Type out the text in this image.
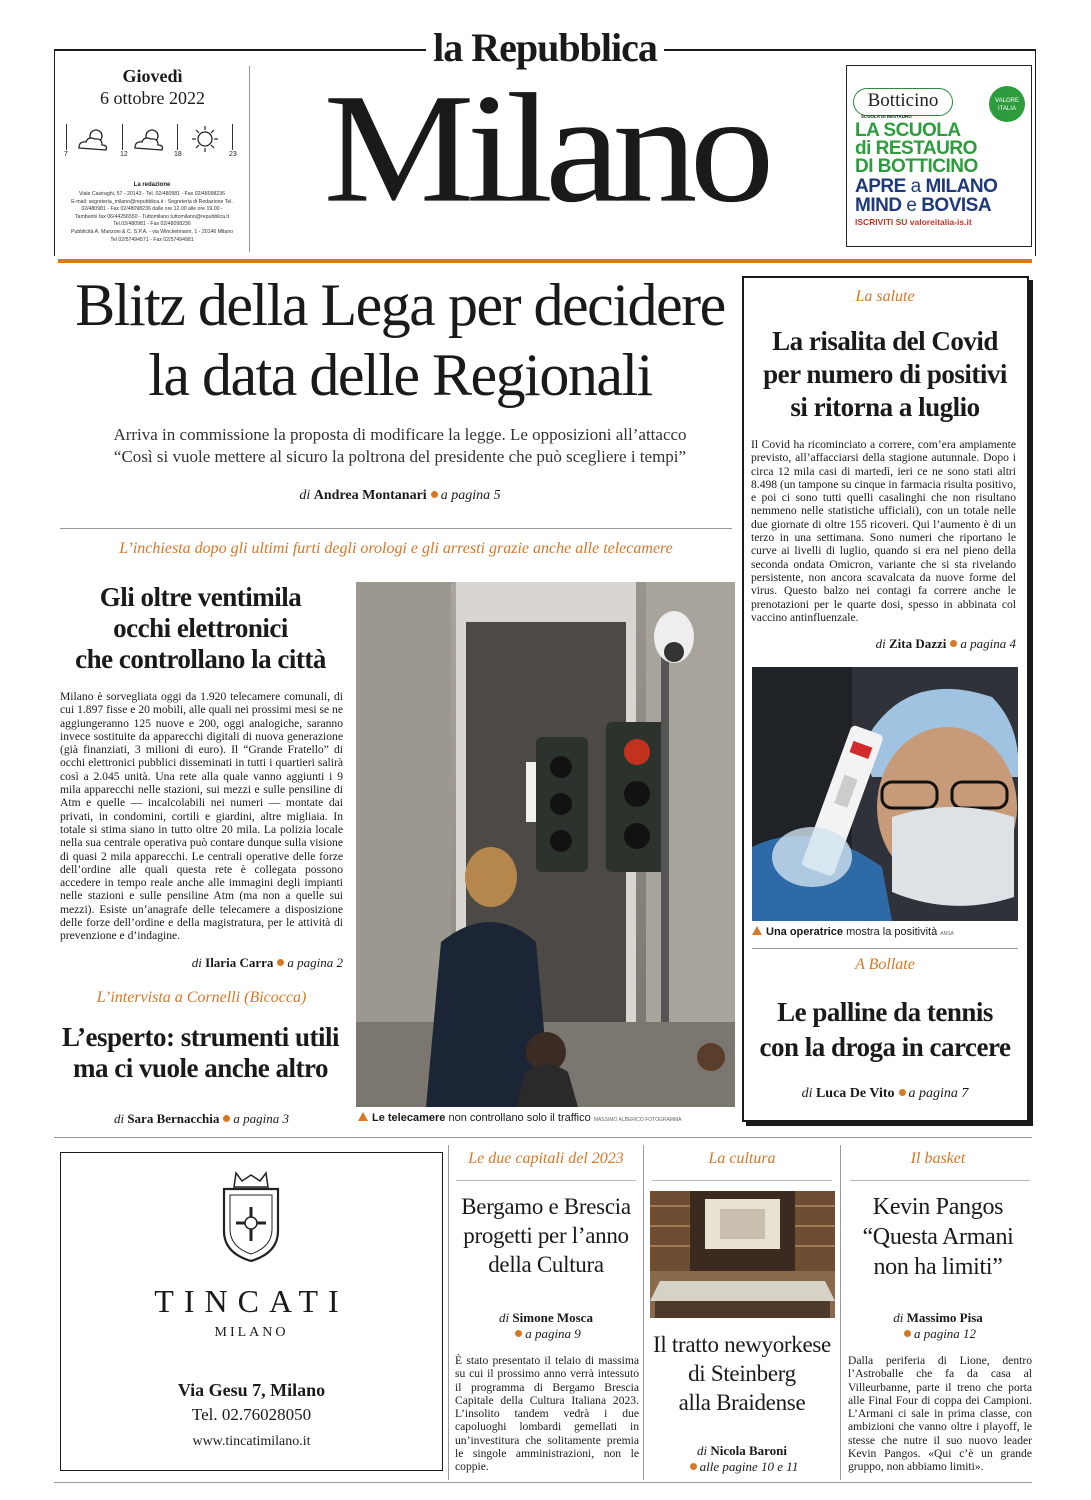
la Repubblica
Giovedì
6 ottobre 2022
7	12	18	23
La redazione
Viale Casiraghi, 57 - 20143 - Tel. 02/480981 - Fax 02/48098236
E-mail: segreteria_milano@repubblica.it - Segreteria di Redazione Tel.
02/480981 - Fax 02/48098236 dalle ore 12.00 alle ore 19.00 -
Tamburini fax 06/44256550 - Tuttomilano tuttomilano@repubblica.it
Tel.02/480981 - Fax 02/48098236
Pubblicità A. Manzoni & C. S.P.A. - via Winckelmann, 1 - 20146 Milano
Tel 02/57494571 - Fax 02/57494981
Milano	Botticino
SCUOLA DI RESTAURO
VALORE ITALIA
LA SCUOLA
di RESTAURO
DI BOTTICINO
APRE a MILANO
MIND e BOVISA
ISCRIVITI SU valoreitalia-is.it
Blitz della Lega per decidere
la data delle Regionali
Arriva in commissione la proposta di modificare la legge. Le opposizioni all’attacco
“Così si vuole mettere al sicuro la poltrona del presidente che può scegliere i tempi”
di Andrea Montanari a pagina 5
L’inchiesta dopo gli ultimi furti degli orologi e gli arresti grazie anche alle telecamere
Gli oltre ventimila
occhi elettronici
che controllano la città
Milano è sorvegliata oggi da 1.920 telecamere comunali, di cui 1.897 fisse e 20 mobili, alle quali nei prossimi mesi se ne aggiungeranno 125 nuove e 200, oggi analogiche, saranno invece sostituite da apparecchi digitali di nuova generazione (già finanziati, 3 milioni di euro). Il “Grande Fratello” di occhi elettronici pubblici disseminati in tutti i quartieri salirà così a 2.045 unità. Una rete alla quale vanno aggiunti i 9 mila apparecchi nelle stazioni, sui mezzi e sulle pensiline di Atm e quelle — incalcolabili nei numeri — montate dai privati, in condomini, cortili e giardini, altre migliaia. In totale si stima siano in tutto oltre 20 mila. La polizia locale nella sua centrale operativa può contare dunque sulla visione di quasi 2 mila apparecchi. Le centrali operative delle forze dell’ordine alle quali questa rete è collegata possono accedere in tempo reale anche alle immagini degli impianti nelle stazioni e sulle pensiline Atm (ma non a quelle sui mezzi). Esiste un’anagrafe delle telecamere a disposizione delle forze dell’ordine e della magistratura, per le attività di prevenzione e d’indagine.
di Ilaria Carra a pagina 2
Le telecamere non controllano solo il traffico MASSIMO ALBERICO FOTOGRAMMA
L’intervista a Cornelli (Bicocca)
L’esperto: strumenti utili
ma ci vuole anche altro
di Sara Bernacchia a pagina 3
La salute
La risalita del Covid
per numero di positivi
si ritorna a luglio
Il Covid ha ricominciato a correre, com’era ampiamente previsto, all’affacciarsi della stagione autunnale. Dopo i circa 12 mila casi di martedì, ieri ce ne sono stati altri 8.498 (un tampone su cinque in farmacia risulta positivo, e poi ci sono tutti quelli casalinghi che non risultano nemmeno nelle statistiche ufficiali), con un totale nelle due giornate di oltre 155 ricoveri. Qui l’aumento è di un terzo in una settimana. Sono numeri che riportano le curve ai livelli di luglio, quando si era nel pieno della seconda ondata Omicron, variante che si sta rivelando persistente, non ancora scavalcata da nuove forme del virus. Questo balzo nei contagi fa correre anche le prenotazioni per le quarte dosi, spesso in abbinata col vaccino antinfluenzale.
di Zita Dazzi a pagina 4
Una operatrice mostra la positività ANSA
A Bollate
Le palline da tennis
con la droga in carcere
di Luca De Vito a pagina 7
TINCATI
MILANO
Via Gesu 7, Milano
Tel. 02.76028050
www.tincatimilano.it
Le due capitali del 2023
Bergamo e Brescia
progetti per l’anno
della Cultura
di Simone Mosca
a pagina 9
È stato presentato il telaio di massima su cui il prossimo anno verrà intessuto il programma di Bergamo Brescia Capitale della Cultura Italiana 2023. L’insolito tandem vedrà i due capoluoghi lombardi gemellati in un’investitura che solitamente premia le singole amministrazioni, non le coppie.
La cultura
Il tratto newyorkese
di Steinberg
alla Braidense
di Nicola Baroni
alle pagine 10 e 11
Il basket
Kevin Pangos
“Questa Armani
non ha limiti”
di Massimo Pisa
a pagina 12
Dalla periferia di Lione, dentro l’Astroballe che fa da casa al Villeurbanne, parte il treno che porta alle Final Four di coppa dei Campioni. L’Armani ci sale in prima classe, con ambizioni che vanno oltre i playoff, le stesse che nutre il suo nuovo leader Kevin Pangos. «Qui c’è un grande gruppo, non abbiamo limiti».
